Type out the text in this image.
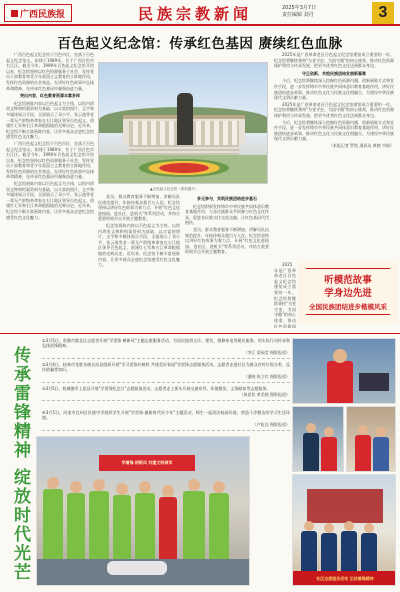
广西民族报	民族宗教新闻	2025年3月7日
责任编辑 刘丹	3
百色起义纪念馆：传承红色基因 赓续红色血脉

广西百色起义纪念馆于百色市区，坐落于百色起义纪念馆山，始建于1989年，位于广西百色市右江区。截至今年，1999年百色起义纪念馆开馆以来，纪念馆坚持以红色资源服务于社会，发挥党员干部教育和青少年爱国主义教育的主阵地作用，发挥红色资源的社会效益。在讲好红色故事中弘扬革命精神，在传承红色基因中凝聚奋进力量。

突出内容，红色教育资源丰富多样

纪念馆展陈内容以百色起义为主线，以馆内珍贵文物和档案资料为基础，以丰富的图片、文字和多媒体展示手段，全面展示了邓小平、张云逸等老一辈无产阶级革命家在右江地区领导百色起义、创建红七军和右江革命根据地的光辉历史。近年来，纪念馆不断丰富展陈内容，让更多观众走进纪念馆感受红色文化魅力。

广西百色起义纪念馆于百色市区，坐落于百色起义纪念馆山，始建于1989年，位于广西百色市右江区。截至今年，1999年百色起义纪念馆开馆以来，纪念馆坚持以红色资源服务于社会，发挥党员干部教育和青少年爱国主义教育的主阵地作用，发挥红色资源的社会效益。在讲好红色故事中弘扬革命精神，在传承红色基因中凝聚奋进力量。

纪念馆展陈内容以百色起义为主线，以馆内珍贵文物和档案资料为基础，以丰富的图片、文字和多媒体展示手段，全面展示了邓小平、张云逸等老一辈无产阶级革命家在右江地区领导百色起义、创建红七军和右江革命根据地的光辉历史。近年来，纪念馆不断丰富展陈内容，让更多观众走进纪念馆感受红色文化魅力。

▲百色起义纪念馆（资料图片）

党员、群众教育服务不断增加，讲解员队伍规范提升，年接待观众超百万人次。纪念馆坚持以讲好红色故事为着力点，开展"红色文化进校园、进社区、进机关"等系列活动，并结合重要时间节点开展主题教育。

纪念馆展陈内容以百色起义为主线，以馆内珍贵文物和档案资料为基础，以丰富的图片、文字和多媒体展示手段，全面展示了邓小平、张云逸等老一辈无产阶级革命家在右江地区领导百色起义、创建红七军和右江革命根据地的光辉历史。近年来，纪念馆不断丰富展陈内容，让更多观众走进纪念馆感受红色文化魅力。

多元参与，共筑民族团结进步基石

纪念馆积极发挥铸牢中华民族共同体意识教育基地作用，与各民族群众共同参与红色文化传承，促进各民族交往交流交融，让红色基因代代相传。

党员、群众教育服务不断增加，讲解员队伍规范提升，年接待观众超百万人次。纪念馆坚持以讲好红色故事为着力点，开展"红色文化进校园、进社区、进机关"等系列活动，并结合重要时间节点开展主题教育。

2025年是广西革命老区百色起义纪念馆建馆成立重要的一年。纪念馆将继续秉持"为党守史、为国守籍"的初心使命，推动红色资源保护利用与传承发展，把更多优秀红色文化送到群众身边。

守正创新，共绘民族团结发展新篇章

今后，纪念馆将继续深入挖掘红色资源内涵，创新展陈方式和宣传手段，进一步发挥铸牢中华民族共同体意识教育基地作用，讲好民族团结进步故事，推动红色文化与民族文化相融合，为建设中华民族现代文明贡献力量。

2025年是广西革命老区百色起义纪念馆建馆成立重要的一年。纪念馆将继续秉持"为党守史、为国守籍"的初心使命，推动红色资源保护利用与传承发展，把更多优秀红色文化送到群众身边。

今后，纪念馆将继续深入挖掘红色资源内涵，创新展陈方式和宣传手段，进一步发挥铸牢中华民族共同体意识教育基地作用，讲好民族团结进步故事，推动红色文化与民族文化相融合，为建设中华民族现代文明贡献力量。

（本报记者 罗凯 通讯员 黄晓 韦娟）

2025年是广西革命老区百色起义纪念馆建馆成立重要的一年。纪念馆将继续秉持"为党守史、为国守籍"的初心使命，推动红色资源保

听模范故事
学身边先进
全国民族团结进步楷模风采
传承雷锋精神 绽放时代光芒
①3月5日，贵港市港北区志愿者开展"学雷锋 树新风"主题志愿服务活动，为居民提供义诊、理发、维修家电等便民服务，用实际行动传承和弘扬雷锋精神。
（李江 梁丽莹 摄影报道）
②3月4日，桂林市龙胜各族自治县组织开展"学习雷锋好榜样 共建美好家园"学雷锋志愿服务活动，志愿者走进社区为群众宣传垃圾分类、反诈防骗等知识。
（潘晓 陈立红 摄影报道）
③3月5日，防城港市上思县开展"学雷锋纪念日"志愿服务活动，志愿者走上街头开展交通劝导、环境整治、义务献血等志愿服务。
（黄思钦 黄美媛 摄影报道）
④3月5日，河池市宜州区民族中学组织学生开展"学雷锋·做新时代好少年"主题活动，师生一起清洁校园环境，营造干净整洁的学习生活环境。
（卢虹钰 摄影报道）
学雷锋 树新风 共建文明城市
社区志愿服务活动 弘扬雷锋精神
